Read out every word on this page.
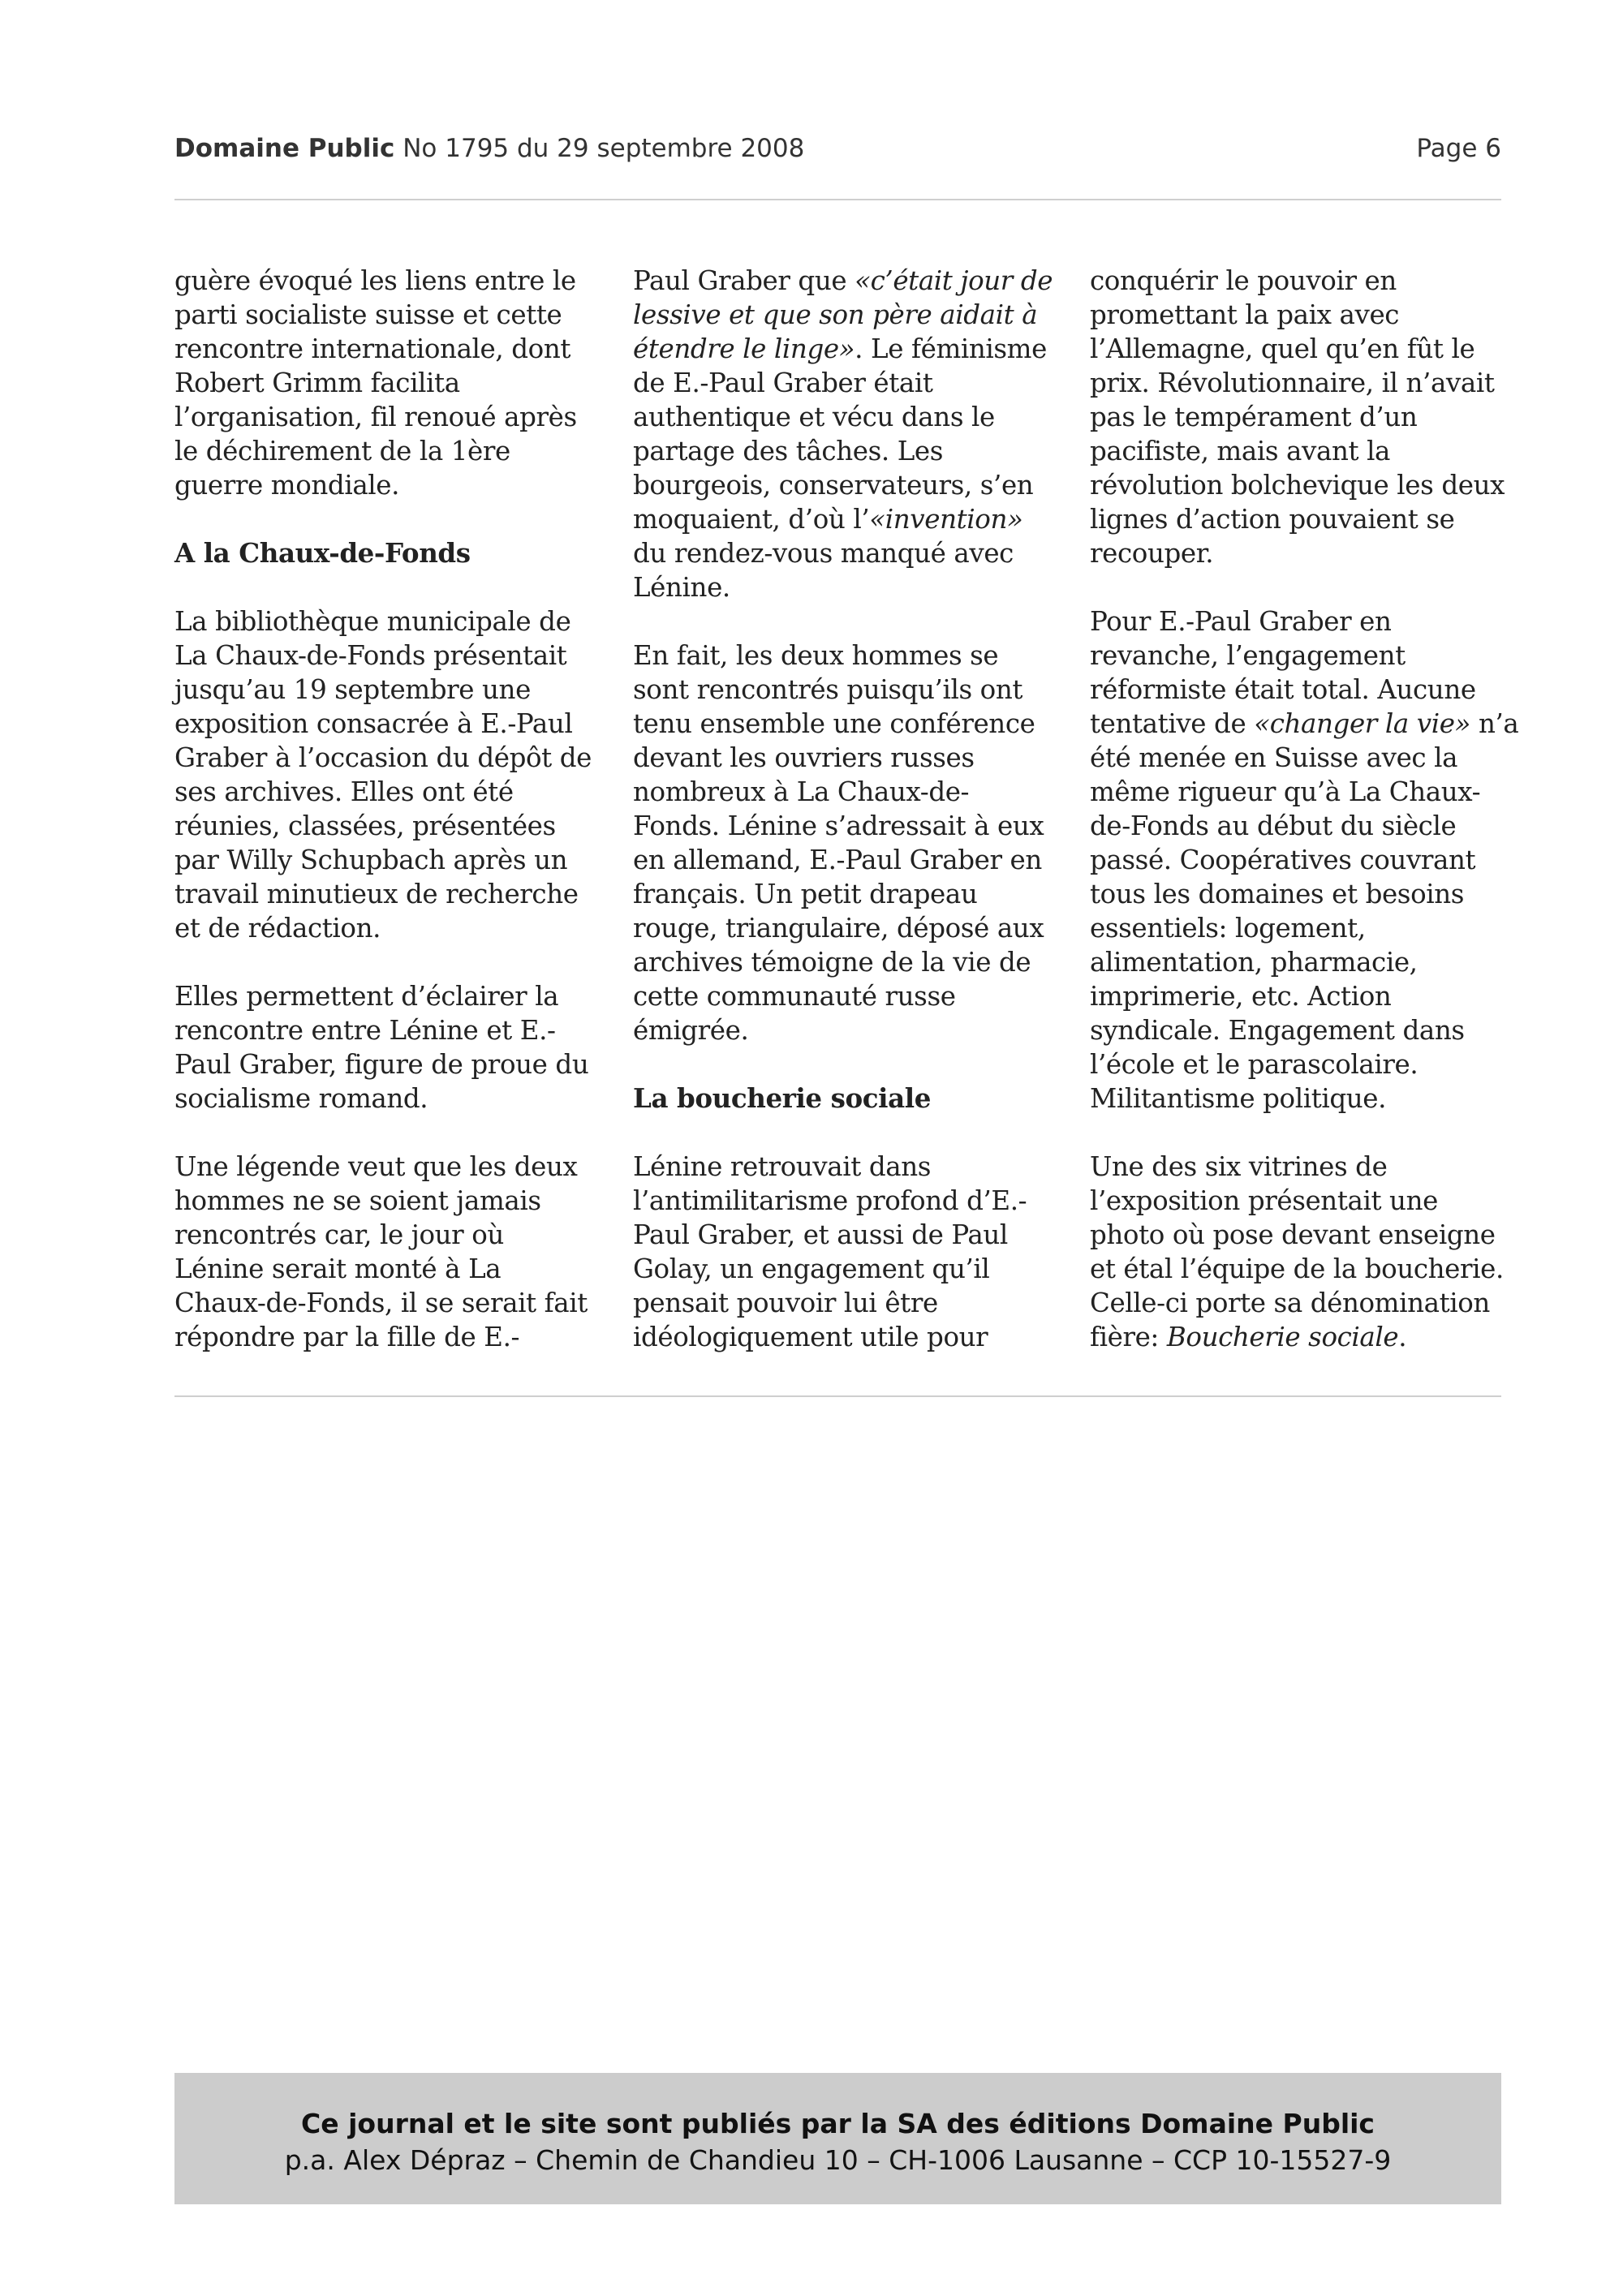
Domaine Public No 1795 du 29 septembre 2008	Page 6

guère évoqué les liens entre le parti socialiste suisse et cette rencontre internationale, dont Robert Grimm facilita l’organisation, fil renoué après le déchirement de la 1ère guerre mondiale.

A la Chaux-de-Fonds

La bibliothèque municipale de La Chaux-de-Fonds présentait jusqu’au 19 septembre une exposition consacrée à E.-Paul Graber à l’occasion du dépôt de ses archives. Elles ont été réunies, classées, présentées par Willy Schupbach après un travail minutieux de recherche et de rédaction.

Elles permettent d’éclairer la rencontre entre Lénine et E.-Paul Graber, figure de proue du socialisme romand.

Une légende veut que les deux hommes ne se soient jamais rencontrés car, le jour où Lénine serait monté à La Chaux-de-Fonds, il se serait fait répondre par la fille de E.-

Paul Graber que «c’était jour de lessive et que son père aidait à étendre le linge». Le féminisme de E.-Paul Graber était authentique et vécu dans le partage des tâches. Les bourgeois, conservateurs, s’en moquaient, d’où l’«invention» du rendez-vous manqué avec Lénine.

En fait, les deux hommes se sont rencontrés puisqu’ils ont tenu ensemble une conférence devant les ouvriers russes nombreux à La Chaux-de-Fonds. Lénine s’adressait à eux en allemand, E.-Paul Graber en français. Un petit drapeau rouge, triangulaire, déposé aux archives témoigne de la vie de cette communauté russe émigrée.

La boucherie sociale

Lénine retrouvait dans l’antimilitarisme profond d’E.-Paul Graber, et aussi de Paul Golay, un engagement qu’il pensait pouvoir lui être idéologiquement utile pour

conquérir le pouvoir en promettant la paix avec l’Allemagne, quel qu’en fût le prix. Révolutionnaire, il n’avait pas le tempérament d’un pacifiste, mais avant la révolution bolchevique les deux lignes d’action pouvaient se recouper.

Pour E.-Paul Graber en revanche, l’engagement réformiste était total. Aucune tentative de «changer la vie» n’a été menée en Suisse avec la même rigueur qu’à La Chaux-de-Fonds au début du siècle passé. Coopératives couvrant tous les domaines et besoins essentiels: logement, alimentation, pharmacie, imprimerie, etc. Action syndicale. Engagement dans l’école et le parascolaire. Militantisme politique.

Une des six vitrines de l’exposition présentait une photo où pose devant enseigne et étal l’équipe de la boucherie. Celle-ci porte sa dénomination fière: Boucherie sociale.

Ce journal et le site sont publiés par la SA des éditions Domaine Public
p.a. Alex Dépraz – Chemin de Chandieu 10 – CH-1006 Lausanne – CCP 10-15527-9
